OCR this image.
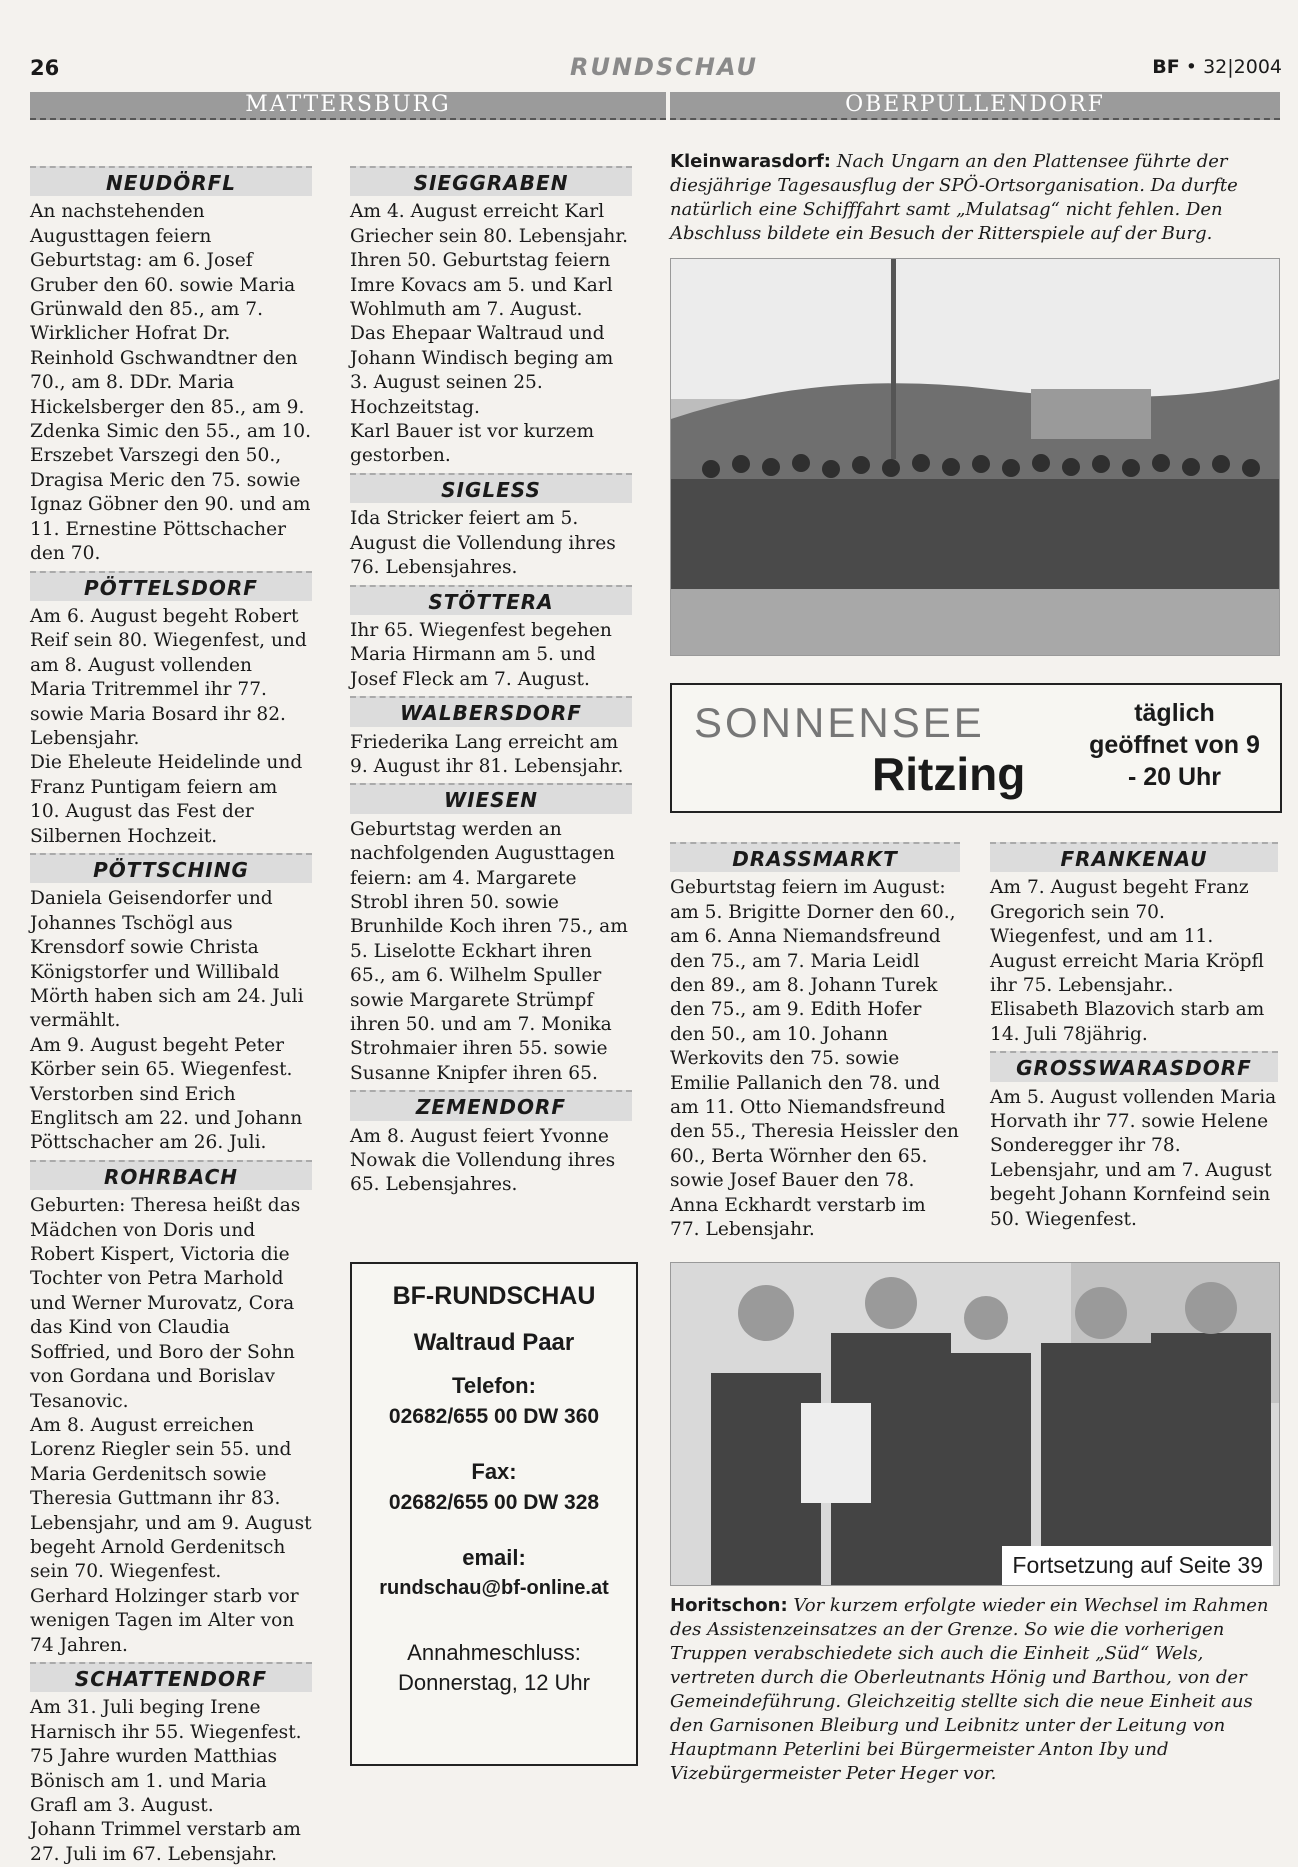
26	RUNDSCHAU	BF • 32|2004
MATTERSBURG	OBERPULLENDORF
NEUDÖRFL

An nachstehenden Augusttagen feiern Geburtstag: am 6. Josef Gruber den 60. sowie Maria Grünwald den 85., am 7. Wirklicher Hofrat Dr. Reinhold Gschwandtner den 70., am 8. DDr. Maria Hickelsberger den 85., am 9. Zdenka Simic den 55., am 10. Erszebet Varszegi den 50., Dragisa Meric den 75. sowie Ignaz Göbner den 90. und am 11. Ernestine Pöttschacher den 70.

PÖTTELSDORF

Am 6. August begeht Robert Reif sein 80. Wiegenfest, und am 8. August vollenden Maria Tritremmel ihr 77. sowie Maria Bosard ihr 82. Lebensjahr.

Die Eheleute Heidelinde und Franz Puntigam feiern am 10. August das Fest der Silbernen Hochzeit.

PÖTTSCHING

Daniela Geisendorfer und Johannes Tschögl aus Krensdorf sowie Christa Königstorfer und Willibald Mörth haben sich am 24. Juli vermählt.

Am 9. August begeht Peter Körber sein 65. Wiegenfest.

Verstorben sind Erich Englitsch am 22. und Johann Pöttschacher am 26. Juli.

ROHRBACH

Geburten: Theresa heißt das Mädchen von Doris und Robert Kispert, Victoria die Tochter von Petra Marhold und Werner Murovatz, Cora das Kind von Claudia Soffried, und Boro der Sohn von Gordana und Borislav Tesanovic.

Am 8. August erreichen Lorenz Riegler sein 55. und Maria Gerdenitsch sowie Theresia Guttmann ihr 83. Lebensjahr, und am 9. August begeht Arnold Gerdenitsch sein 70. Wiegenfest.

Gerhard Holzinger starb vor wenigen Tagen im Alter von 74 Jahren.

SCHATTENDORF

Am 31. Juli beging Irene Harnisch ihr 55. Wiegenfest. 75 Jahre wurden Matthias Bönisch am 1. und Maria Grafl am 3. August.

Johann Trimmel verstarb am 27. Juli im 67. Lebensjahr.

SIEGGRABEN

Am 4. August erreicht Karl Griecher sein 80. Lebensjahr. Ihren 50. Geburtstag feiern Imre Kovacs am 5. und Karl Wohlmuth am 7. August.

Das Ehepaar Waltraud und Johann Windisch beging am 3. August seinen 25. Hochzeitstag.

Karl Bauer ist vor kurzem gestorben.

SIGLESS

Ida Stricker feiert am 5. August die Vollendung ihres 76. Lebensjahres.

STÖTTERA

Ihr 65. Wiegenfest begehen Maria Hirmann am 5. und Josef Fleck am 7. August.

WALBERSDORF

Friederika Lang erreicht am 9. August ihr 81. Lebensjahr.

WIESEN

Geburtstag werden an nachfolgenden Augusttagen feiern: am 4. Margarete Strobl ihren 50. sowie Brunhilde Koch ihren 75., am 5. Liselotte Eckhart ihren 65., am 6. Wilhelm Spuller sowie Margarete Strümpf ihren 50. und am 7. Monika Strohmaier ihren 55. sowie Susanne Knipfer ihren 65.

ZEMENDORF

Am 8. August feiert Yvonne Nowak die Vollendung ihres 65. Lebensjahres.

BF-RUNDSCHAU
Waltraud Paar
Telefon:
02682/655 00 DW 360
Fax:
02682/655 00 DW 328
email:
rundschau@bf-online.at
Annahmeschluss:
Donnerstag, 12 Uhr
Kleinwarasdorf: Nach Ungarn an den Plattensee führte der diesjährige Tagesausflug der SPÖ-Ortsorganisation. Da durfte natürlich eine Schifffahrt samt „Mulatsag“ nicht fehlen. Den Abschluss bildete ein Besuch der Ritterspiele auf der Burg.
SONNENSEE
Ritzing
täglich geöffnet von 9 - 20 Uhr
DRASSMARKT

Geburtstag feiern im August: am 5. Brigitte Dorner den 60., am 6. Anna Niemandsfreund den 75., am 7. Maria Leidl den 89., am 8. Johann Turek den 75., am 9. Edith Hofer den 50., am 10. Johann Werkovits den 75. sowie Emilie Pallanich den 78. und am 11. Otto Niemandsfreund den 55., Theresia Heissler den 60., Berta Wörnher den 65. sowie Josef Bauer den 78.

Anna Eckhardt verstarb im 77. Lebensjahr.

FRANKENAU

Am 7. August begeht Franz Gregorich sein 70. Wiegenfest, und am 11. August erreicht Maria Kröpfl ihr 75. Lebensjahr..

Elisabeth Blazovich starb am 14. Juli 78jährig.

GROSSWARASDORF

Am 5. August vollenden Maria Horvath ihr 77. sowie Helene Sonderegger ihr 78. Lebensjahr, und am 7. August begeht Johann Kornfeind sein 50. Wiegenfest.

Fortsetzung auf Seite 39
Horitschon: Vor kurzem erfolgte wieder ein Wechsel im Rahmen des Assistenzeinsatzes an der Grenze. So wie die vorherigen Truppen verabschiedete sich auch die Einheit „Süd“ Wels, vertreten durch die Oberleutnants Hönig und Barthou, von der Gemeindeführung. Gleichzeitig stellte sich die neue Einheit aus den Garnisonen Bleiburg und Leibnitz unter der Leitung von Hauptmann Peterlini bei Bürgermeister Anton Iby und Vizebürgermeister Peter Heger vor.
